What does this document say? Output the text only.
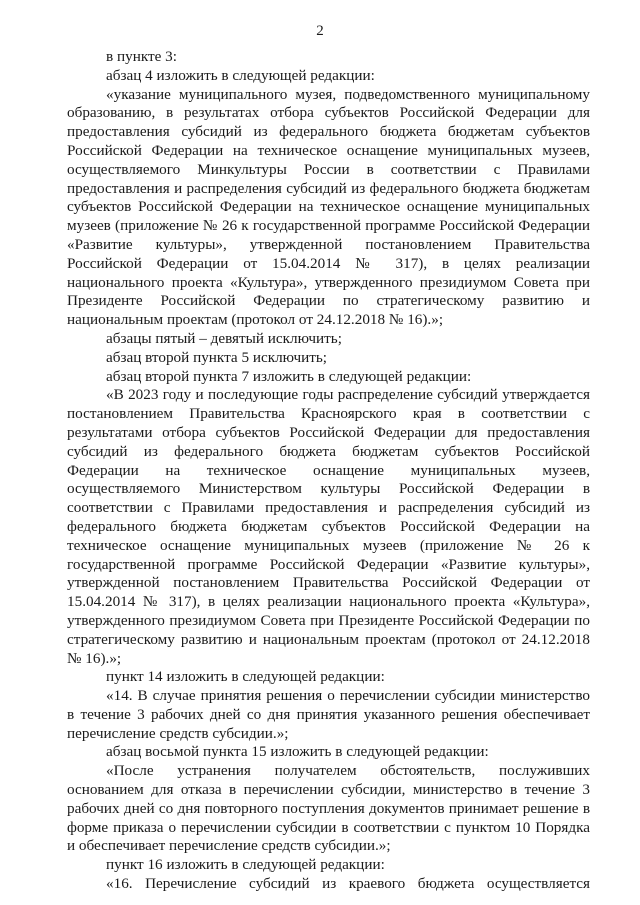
2

в пункте 3:

абзац 4 изложить в следующей редакции:

«указание муниципального музея, подведомственного муниципальному образованию, в результатах отбора субъектов Российской Федерации для предоставления субсидий из федерального бюджета бюджетам субъектов Российской Федерации на техническое оснащение муниципальных музеев, осуществляемого Минкультуры России в соответствии с Правилами предоставления и распределения субсидий из федерального бюджета бюджетам субъектов Российской Федерации на техническое оснащение муниципальных музеев (приложение № 26 к государственной программе Российской Федерации «Развитие культуры», утвержденной постановлением Правительства Российской Федерации от 15.04.2014 № 317), в целях реализации национального проекта «Культура», утвержденного президиумом Совета при Президенте Российской Федерации по стратегическому развитию и национальным проектам (протокол от 24.12.2018 № 16).»;

абзацы пятый – девятый исключить;

абзац второй пункта 5 исключить;

абзац второй пункта 7 изложить в следующей редакции:

«В 2023 году и последующие годы распределение субсидий утверждается постановлением Правительства Красноярского края в соответствии с результатами отбора субъектов Российской Федерации для предоставления субсидий из федерального бюджета бюджетам субъектов Российской Федерации на техническое оснащение муниципальных музеев, осуществляемого Министерством культуры Российской Федерации в соответствии с Правилами предоставления и распределения субсидий из федерального бюджета бюджетам субъектов Российской Федерации на техническое оснащение муниципальных музеев (приложение № 26 к государственной программе Российской Федерации «Развитие культуры», утвержденной постановлением Правительства Российской Федерации от 15.04.2014 № 317), в целях реализации национального проекта «Культура», утвержденного президиумом Совета при Президенте Российской Федерации по стратегическому развитию и национальным проектам (протокол от 24.12.2018 № 16).»;

пункт 14 изложить в следующей редакции:

«14. В случае принятия решения о перечислении субсидии министерство в течение 3 рабочих дней со дня принятия указанного решения обеспечивает перечисление средств субсидии.»;

абзац восьмой пункта 15 изложить в следующей редакции:

«После устранения получателем обстоятельств, послуживших основанием для отказа в перечислении субсидии, министерство в течение 3 рабочих дней со дня повторного поступления документов принимает решение в форме приказа о перечислении субсидии в соответствии с пунктом 10 Порядка и обеспечивает перечисление средств субсидии.»;

пункт 16 изложить в следующей редакции:

«16. Перечисление субсидий из краевого бюджета осуществляется
